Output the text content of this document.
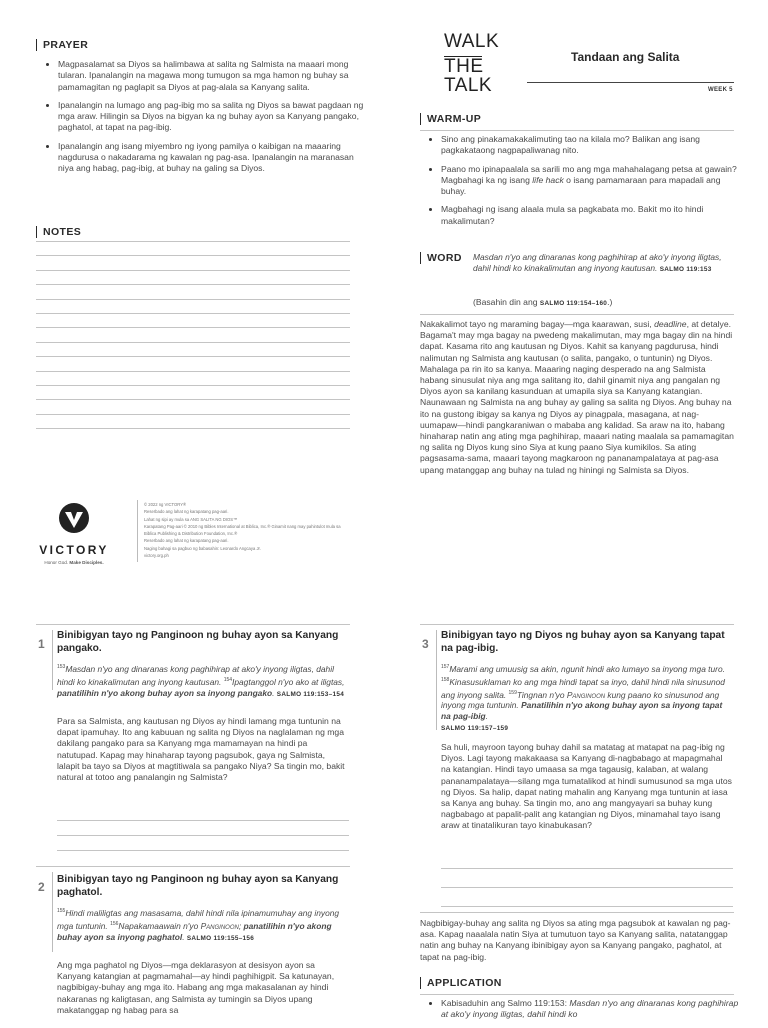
PRAYER
• Magpasalamat sa Diyos sa halimbawa at salita ng Salmista na maaari mong tularan. Ipanalangin na magawa mong tumugon sa mga hamon ng buhay sa pamamagitan ng paglapit sa Diyos at pag-alala sa Kanyang salita.
• Ipanalangin na lumago ang pag-ibig mo sa salita ng Diyos sa bawat pagdaan ng mga araw. Hilingin sa Diyos na bigyan ka ng buhay ayon sa Kanyang pangako, paghatol, at tapat na pag-ibig.
• Ipanalangin ang isang miyembro ng iyong pamilya o kaibigan na maaaring nagdurusa o nakadarama ng kawalan ng pag-asa. Ipanalangin na maranasan niya ang habag, pag-ibig, at buhay na galing sa Diyos.
NOTES
VICTORY
Honor God. Make Disciples.
© 2022 ng VICTORY®
Reserbado ang lahat ng karapatang pag-aari.
Lahat ng sipi ay mula sa ANG SALITA NG DIOS™
Karapatang Pag-aari © 2010 ng Bibles International at Biblica, Inc.® Ginamit nang may pahintulot mula sa
Biblica Publishing & Distribution Foundation, Inc.®
Reserbado ang lahat ng karapatang pag-aari.
Naging bahagi sa pagbuo ng babasahin: Leonardo Angcaya Jr.
victory.org.ph
WALK
THE
TALK
Tandaan ang Salita
WEEK 5
WARM-UP
• Sino ang pinakamakakalimuting tao na kilala mo? Balikan ang isang pagkakataong nagpapaliwanag nito.
• Paano mo ipinapaalala sa sarili mo ang mga mahahalagang petsa at gawain? Magbahagi ka ng isang life hack o isang pamamaraan para mapadali ang buhay.
• Magbahagi ng isang alaala mula sa pagkabata mo. Bakit mo ito hindi makalimutan?
WORD Masdan n'yo ang dinaranas kong paghihirap at ako'y inyong iligtas, dahil hindi ko kinakalimutan ang inyong kautusan. SALMO 119:153

(Basahin din ang SALMO 119:154–160.)

Nakakalimot tayo ng maraming bagay—mga kaarawan, susi, deadline, at detalye. Bagama't may mga bagay na pwedeng makalimutan, may mga bagay din na hindi dapat. Kasama rito ang kautusan ng Diyos. Kahit sa kanyang pagdurusa, hindi nalimutan ng Salmista ang kautusan (o salita, pangako, o tuntunin) ng Diyos. Mahalaga pa rin ito sa kanya. Maaaring naging desperado na ang Salmista habang sinusulat niya ang mga salitang ito, dahil ginamit niya ang pangalan ng Diyos ayon sa kanilang kasunduan at umapila siya sa Kanyang katangian. Naunawaan ng Salmista na ang buhay ay galing sa salita ng Diyos. Ang buhay na ito na gustong ibigay sa kanya ng Diyos ay pinagpala, masagana, at nag-uumapaw—hindi pangkaraniwan o mababa ang kalidad. Sa araw na ito, habang hinaharap natin ang ating mga paghihirap, maaari nating maalala sa pamamagitan ng salita ng Diyos kung sino Siya at kung paano Siya kumikilos. Sa ating pagsasama-sama, maaari tayong magkaroon ng pananampalataya at pag-asa upang matanggap ang buhay na tulad ng hiningi ng Salmista sa Diyos.

1

Binibigyan tayo ng Panginoon ng buhay ayon sa Kanyang pangako.

$^{153}$Masdan n'yo ang dinaranas kong paghihirap at ako'y inyong iligtas, dahil hindi ko kinakalimutan ang inyong kautusan. $^{154}$Ipagtanggol n'yo ako at iligtas, panatilihin n'yo akong buhay ayon sa inyong pangako. SALMO 119:153–154

Para sa Salmista, ang kautusan ng Diyos ay hindi lamang mga tuntunin na dapat ipamuhay. Ito ang kabuuan ng salita ng Diyos na naglalaman ng mga dakilang pangako para sa Kanyang mga mamamayan na hindi pa natutupad. Kapag may hinaharap tayong pagsubok, gaya ng Salmista, lalapit ba tayo sa Diyos at magtitiwala sa pangako Niya? Sa tingin mo, bakit natural at totoo ang panalangin ng Salmista?

2

Binibigyan tayo ng Panginoon ng buhay ayon sa Kanyang paghatol.

$^{155}$Hindi maliligtas ang masasama, dahil hindi nila ipinamumuhay ang inyong mga tuntunin. $^{156}$Napakamaawain n'yo Panginoon; panatilihin n'yo akong buhay ayon sa inyong paghatol. SALMO 119:155–156

Ang mga paghatol ng Diyos—mga deklarasyon at desisyon ayon sa Kanyang katangian at pagmamahal—ay hindi paghihigpit. Sa katunayan, nagbibigay-buhay ang mga ito. Habang ang mga makasalanan ay hindi nakaranas ng kaligtasan, ang Salmista ay tumingin sa Diyos upang makatanggap ng habag para sa

3

Binibigyan tayo ng Diyos ng buhay ayon sa Kanyang tapat na pag-ibig.

$^{157}$Marami ang umuusig sa akin, ngunit hindi ako lumayo sa inyong mga turo. $^{158}$Kinasusuklaman ko ang mga hindi tapat sa inyo, dahil hindi nila sinusunod ang inyong salita. $^{159}$Tingnan n'yo Panginoon kung paano ko sinusunod ang inyong mga tuntunin. Panatilihin n'yo akong buhay ayon sa inyong tapat na pag-ibig.
SALMO 119:157–159

Sa huli, mayroon tayong buhay dahil sa matatag at matapat na pag-ibig ng Diyos. Lagi tayong makakaasa sa Kanyang di-nagbabago at mapagmahal na katangian. Hindi tayo umaasa sa mga tagausig, kalaban, at walang pananampalataya—silang mga tumatalikod at hindi sumusunod sa mga utos ng Diyos. Sa halip, dapat nating mahalin ang Kanyang mga tuntunin at iasa sa Kanya ang buhay. Sa tingin mo, ano ang mangyayari sa buhay kung nagbabago at papalit-palit ang katangian ng Diyos, minamahal tayo isang araw at tinatalikuran tayo kinabukasan?

Nagbibigay-buhay ang salita ng Diyos sa ating mga pagsubok at kawalan ng pag-asa. Kapag naaalala natin Siya at tumutuon tayo sa Kanyang salita, natatanggap natin ang buhay na Kanyang ibinibigay ayon sa Kanyang pangako, paghatol, at tapat na pag-ibig.

APPLICATION
• Kabisaduhin ang Salmo 119:153: Masdan n'yo ang dinaranas kong paghihirap at ako'y inyong iligtas, dahil hindi ko
